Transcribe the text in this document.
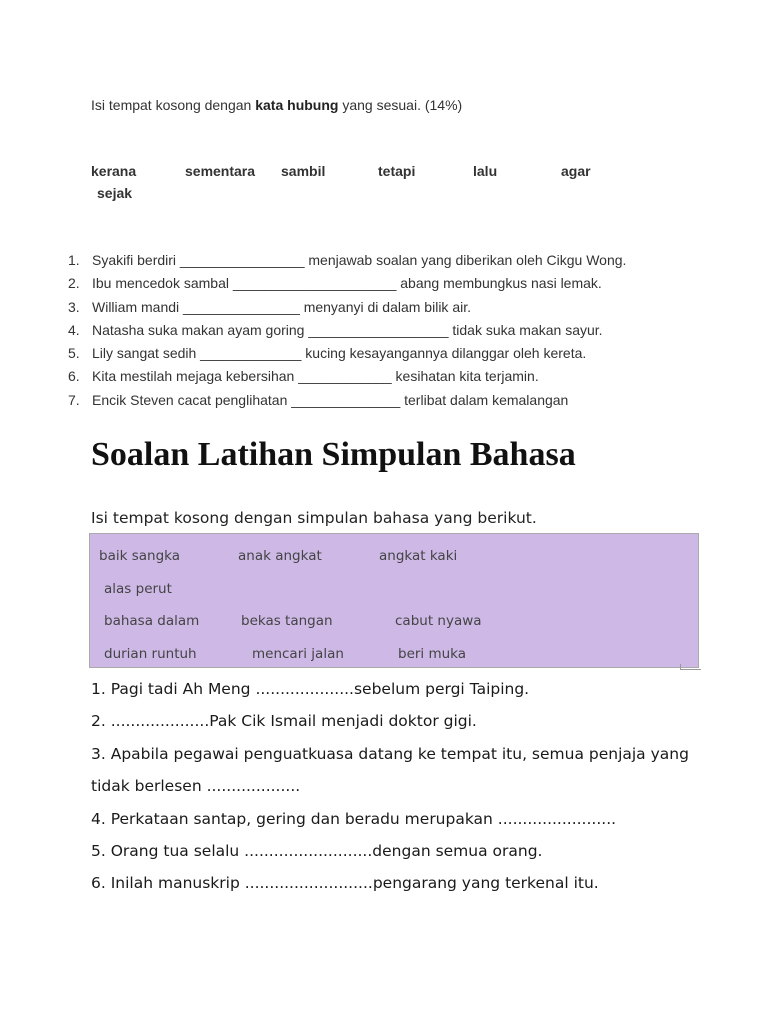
Isi tempat kosong dengan kata hubung yang sesuai. (14%)
kerana	sementara sambil	tetapi	lalu	agar
sejak
1. Syakifi berdiri ________________ menjawab soalan yang diberikan oleh Cikgu Wong.
2. Ibu mencedok sambal _____________________ abang membungkus nasi lemak.
3. William mandi _______________ menyanyi di dalam bilik air.
4. Natasha suka makan ayam goring __________________ tidak suka makan sayur.
5. Lily sangat sedih _____________ kucing kesayangannya dilanggar oleh kereta.
6. Kita mestilah mejaga kebersihan ____________ kesihatan kita terjamin.
7. Encik Steven cacat penglihatan ______________ terlibat dalam kemalangan
Soalan Latihan Simpulan Bahasa
Isi tempat kosong dengan simpulan bahasa yang berikut.
baik sangka	anak angkat	angkat kaki
alas perut
bahasa dalam	bekas tangan	cabut nyawa
durian runtuh	mencari jalan	beri muka
1. Pagi tadi Ah Meng ....................sebelum pergi Taiping.
2. ....................Pak Cik Ismail menjadi doktor gigi.
3. Apabila pegawai penguatkuasa datang ke tempat itu, semua penjaja yang
tidak berlesen ...................
4. Perkataan santap, gering dan beradu merupakan ........................
5. Orang tua selalu ..........................dengan semua orang.
6. Inilah manuskrip ..........................pengarang yang terkenal itu.
